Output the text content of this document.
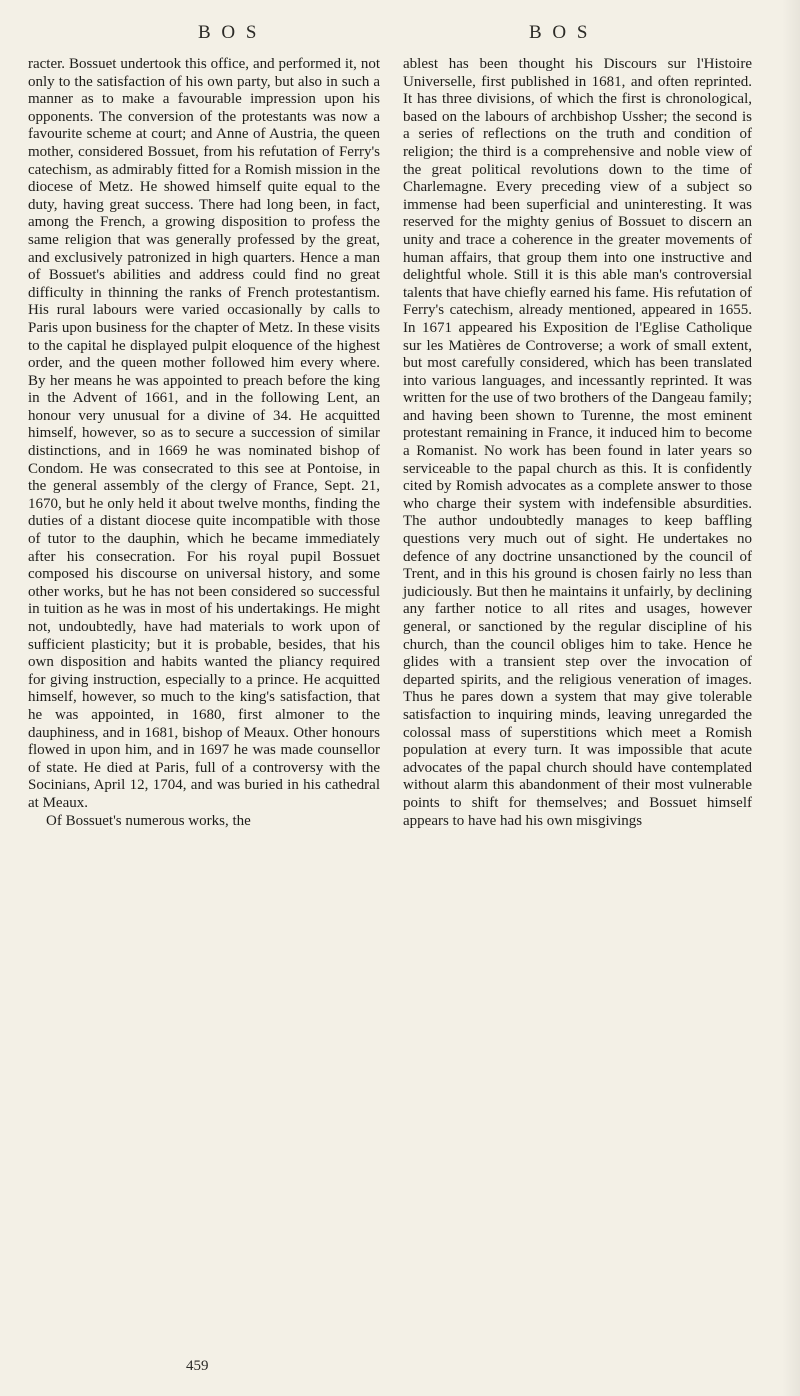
B O S	B O S

racter. Bossuet undertook this office, and performed it, not only to the satisfaction of his own party, but also in such a manner as to make a favourable impression upon his opponents. The conversion of the protestants was now a favourite scheme at court; and Anne of Austria, the queen mother, considered Bossuet, from his refutation of Ferry's catechism, as admirably fitted for a Romish mission in the diocese of Metz. He showed himself quite equal to the duty, having great success. There had long been, in fact, among the French, a growing disposition to profess the same religion that was generally professed by the great, and exclusively patronized in high quarters. Hence a man of Bossuet's abilities and address could find no great difficulty in thinning the ranks of French protestantism. His rural labours were varied occasionally by calls to Paris upon business for the chapter of Metz. In these visits to the capital he displayed pulpit eloquence of the highest order, and the queen mother followed him every where. By her means he was appointed to preach before the king in the Advent of 1661, and in the following Lent, an honour very unusual for a divine of 34. He acquitted himself, however, so as to secure a succession of similar distinctions, and in 1669 he was nominated bishop of Condom. He was consecrated to this see at Pontoise, in the general assembly of the clergy of France, Sept. 21, 1670, but he only held it about twelve months, finding the duties of a distant diocese quite incompatible with those of tutor to the dauphin, which he became immediately after his consecration. For his royal pupil Bossuet composed his discourse on universal history, and some other works, but he has not been considered so successful in tuition as he was in most of his undertakings. He might not, undoubtedly, have had materials to work upon of sufficient plasticity; but it is probable, besides, that his own disposition and habits wanted the pliancy required for giving instruction, especially to a prince. He acquitted himself, however, so much to the king's satisfaction, that he was appointed, in 1680, first almoner to the dauphiness, and in 1681, bishop of Meaux. Other honours flowed in upon him, and in 1697 he was made counsellor of state. He died at Paris, full of a controversy with the Socinians, April 12, 1704, and was buried in his cathedral at Meaux.

Of Bossuet's numerous works, the

ablest has been thought his Discours sur l'Histoire Universelle, first published in 1681, and often reprinted. It has three divisions, of which the first is chronological, based on the labours of archbishop Ussher; the second is a series of reflections on the truth and condition of religion; the third is a comprehensive and noble view of the great political revolutions down to the time of Charlemagne. Every preceding view of a subject so immense had been superficial and uninteresting. It was reserved for the mighty genius of Bossuet to discern an unity and trace a coherence in the greater movements of human affairs, that group them into one instructive and delightful whole. Still it is this able man's controversial talents that have chiefly earned his fame. His refutation of Ferry's catechism, already mentioned, appeared in 1655. In 1671 appeared his Exposition de l'Eglise Catholique sur les Matières de Controverse; a work of small extent, but most carefully considered, which has been translated into various languages, and incessantly reprinted. It was written for the use of two brothers of the Dangeau family; and having been shown to Turenne, the most eminent protestant remaining in France, it induced him to become a Romanist. No work has been found in later years so serviceable to the papal church as this. It is confidently cited by Romish advocates as a complete answer to those who charge their system with indefensible absurdities. The author undoubtedly manages to keep baffling questions very much out of sight. He undertakes no defence of any doctrine unsanctioned by the council of Trent, and in this his ground is chosen fairly no less than judiciously. But then he maintains it unfairly, by declining any farther notice to all rites and usages, however general, or sanctioned by the regular discipline of his church, than the council obliges him to take. Hence he glides with a transient step over the invocation of departed spirits, and the religious veneration of images. Thus he pares down a system that may give tolerable satisfaction to inquiring minds, leaving unregarded the colossal mass of superstitions which meet a Romish population at every turn. It was impossible that acute advocates of the papal church should have contemplated without alarm this abandonment of their most vulnerable points to shift for themselves; and Bossuet himself appears to have had his own misgivings

459
